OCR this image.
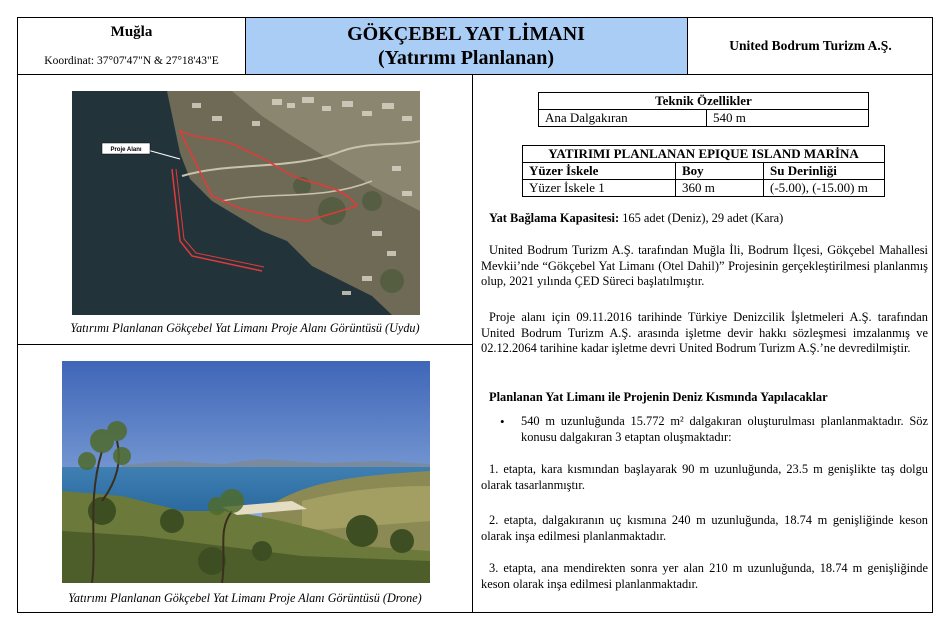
Muğla
Koordinat: 37°07'47"N & 27°18'43"E
GÖKÇEBEL YAT LİMANI
(Yatırımı Planlanan)
United Bodrum Turizm A.Ş.
Proje Alanı
Yatırımı Planlanan Gökçebel Yat Limanı Proje Alanı Görüntüsü (Uydu)
Yatırımı Planlanan Gökçebel Yat Limanı Proje Alanı Görüntüsü (Drone)
Teknik Özellikler
Ana Dalgakıran	540 m
YATIRIMI PLANLANAN EPIQUE ISLAND MARİNA		
Yüzer İskele	Boy	Su Derinliği
Yüzer İskele 1	360 m	(-5.00), (-15.00) m
Yat Bağlama Kapasitesi: 165 adet (Deniz), 29 adet (Kara)
United Bodrum Turizm A.Ş. tarafından Muğla İli, Bodrum İlçesi, Gökçebel Mahallesi Mevkii’nde “Gökçebel Yat Limanı (Otel Dahil)” Projesinin gerçekleştirilmesi planlanmış olup, 2021 yılında ÇED Süreci başlatılmıştır.
Proje alanı için 09.11.2016 tarihinde Türkiye Denizcilik İşletmeleri A.Ş. tarafından United Bodrum Turizm A.Ş. arasında işletme devir hakkı sözleşmesi imzalanmış ve 02.12.2064 tarihine kadar işletme devri United Bodrum Turizm A.Ş.’ne devredilmiştir.
Planlanan Yat Limanı ile Projenin Deniz Kısmında Yapılacaklar
• 540 m uzunluğunda 15.772 m² dalgakıran oluşturulması planlanmaktadır. Söz konusu dalgakıran 3 etaptan oluşmaktadır:
1. etapta, kara kısmından başlayarak 90 m uzunluğunda, 23.5 m genişlikte taş dolgu olarak tasarlanmıştır.
2. etapta, dalgakıranın uç kısmına 240 m uzunluğunda, 18.74 m genişliğinde keson olarak inşa edilmesi planlanmaktadır.
3. etapta, ana mendirekten sonra yer alan 210 m uzunluğunda, 18.74 m genişliğinde keson olarak inşa edilmesi planlanmaktadır.
